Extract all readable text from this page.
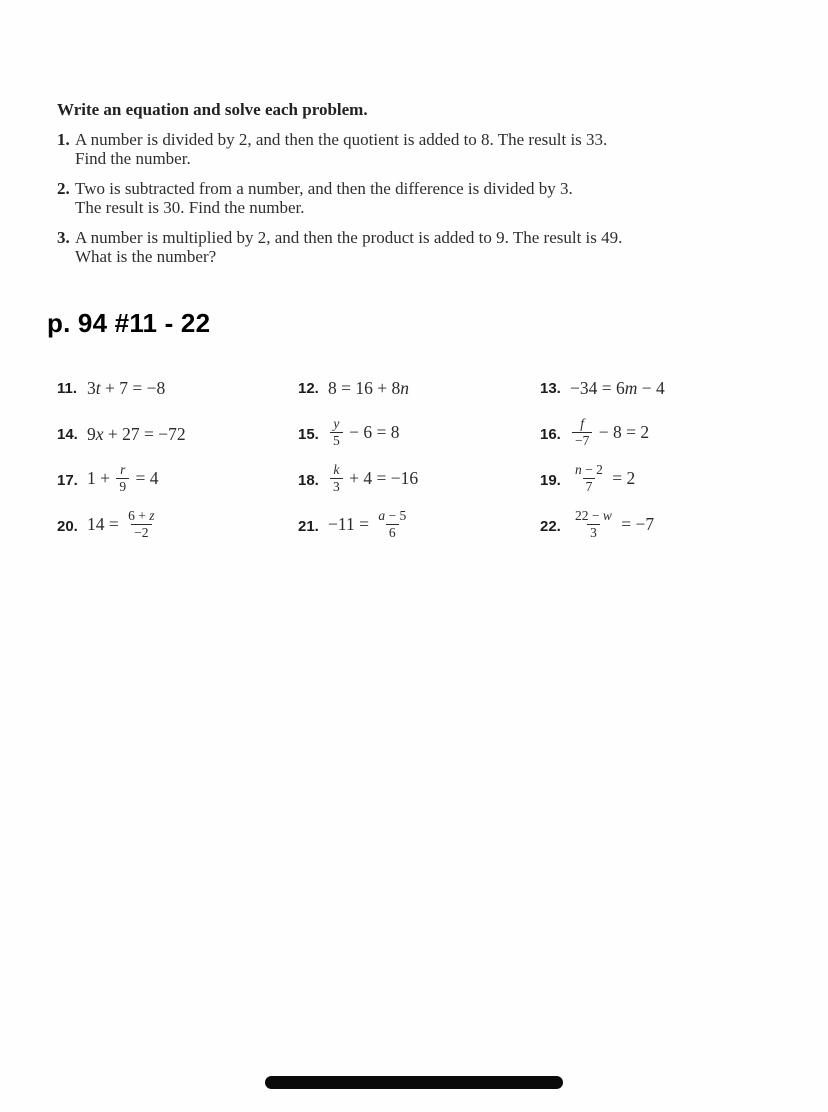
Write an equation and solve each problem.
1. A number is divided by 2, and then the quotient is added to 8. The result is 33.
Find the number.
2. Two is subtracted from a number, and then the difference is divided by 3.
The result is 30. Find the number.
3. A number is multiplied by 2, and then the product is added to 9. The result is 49.
What is the number?
p. 94 #11 - 22
11. 3t + 7 = −8	12. 8 = 16 + 8n	13. −34 = 6m − 4
14. 9x + 27 = −72	15. $\frac{y}{5} - 6 = 8$	16. $\frac{f}{-7} - 8 = 2$
17. $1 + \frac{r}{9} = 4$	18. $\frac{k}{3} + 4 = -16$	19. $\frac{n - 2}{7} = 2$
20. $14 = \frac{6 + z}{-2}$	21. $-11 = \frac{a - 5}{6}$	22. $\frac{22 - w}{3} = -7$
